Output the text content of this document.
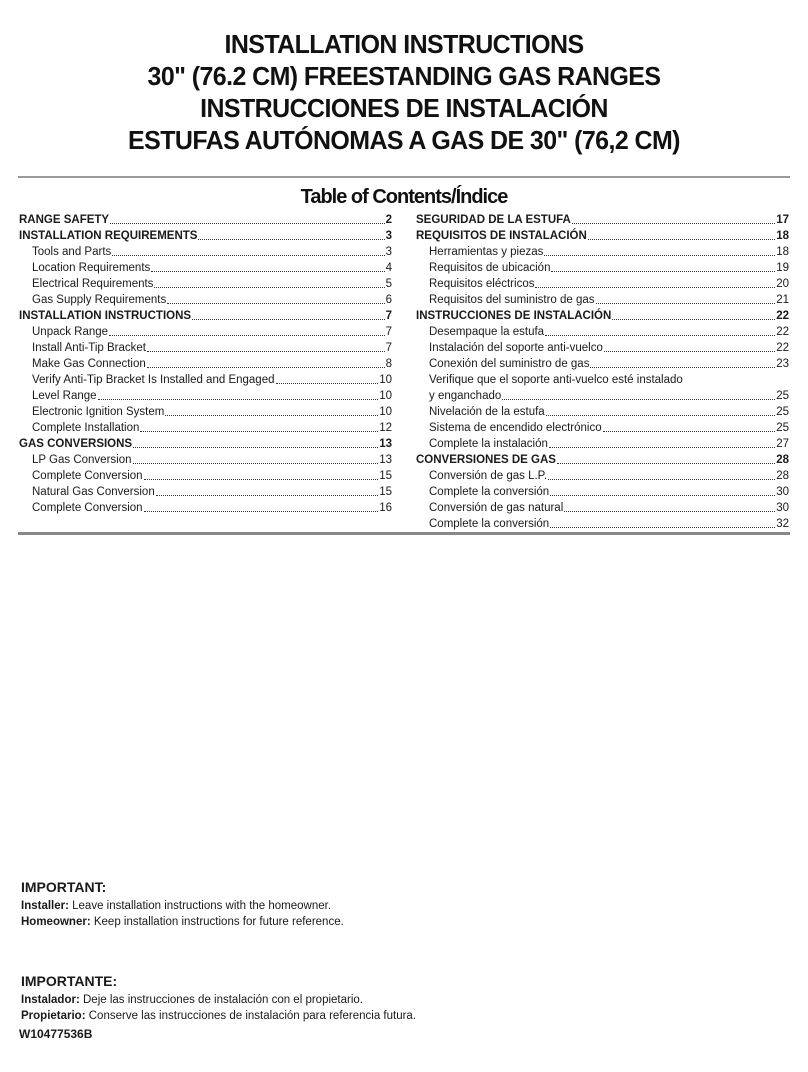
INSTALLATION INSTRUCTIONS
30" (76.2 CM) FREESTANDING GAS RANGES
INSTRUCCIONES DE INSTALACIÓN
ESTUFAS AUTÓNOMAS A GAS DE 30" (76,2 CM)
Table of Contents/Índice
RANGE SAFETY	2
INSTALLATION REQUIREMENTS	3
Tools and Parts	3
Location Requirements	4
Electrical Requirements	5
Gas Supply Requirements	6
INSTALLATION INSTRUCTIONS	7
Unpack Range	7
Install Anti-Tip Bracket	7
Make Gas Connection	8
Verify Anti-Tip Bracket Is Installed and Engaged	10
Level Range	10
Electronic Ignition System	10
Complete Installation	12
GAS CONVERSIONS	13
LP Gas Conversion	13
Complete Conversion	15
Natural Gas Conversion	15
Complete Conversion	16
SEGURIDAD DE LA ESTUFA	17
REQUISITOS DE INSTALACIÓN	18
Herramientas y piezas	18
Requisitos de ubicación	19
Requisitos eléctricos	20
Requisitos del suministro de gas	21
INSTRUCCIONES DE INSTALACIÓN	22
Desempaque la estufa	22
Instalación del soporte anti-vuelco	22
Conexión del suministro de gas	23
Verifique que el soporte anti-vuelco esté instalado
y enganchado	25
Nivelación de la estufa	25
Sistema de encendido electrónico	25
Complete la instalación	27
CONVERSIONES DE GAS	28
Conversión de gas L.P.	28
Complete la conversión	30
Conversión de gas natural	30
Complete la conversión	32
IMPORTANT:
Installer: Leave installation instructions with the homeowner.
Homeowner: Keep installation instructions for future reference.
IMPORTANTE:
Instalador: Deje las instrucciones de instalación con el propietario.
Propietario: Conserve las instrucciones de instalación para referencia futura.
W10477536B
